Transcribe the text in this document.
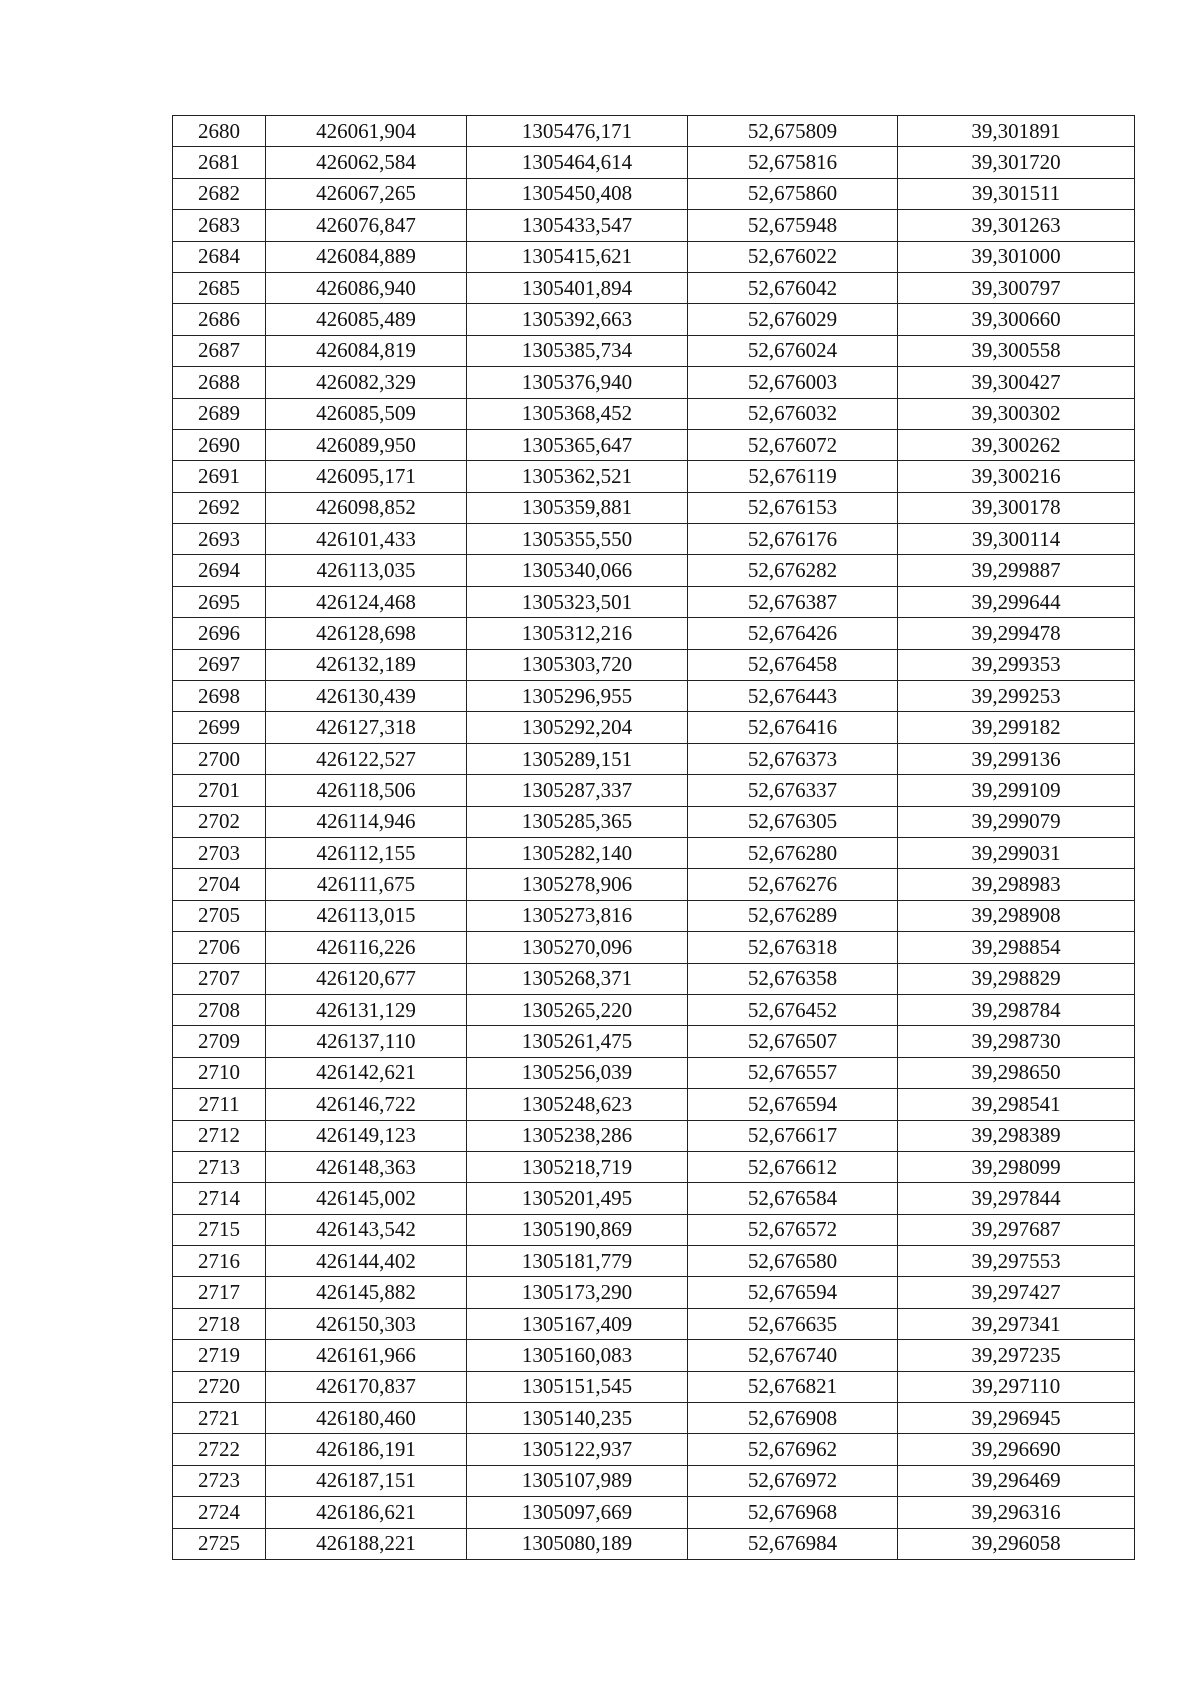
2680	426061,904	1305476,171	52,675809	39,301891
2681	426062,584	1305464,614	52,675816	39,301720
2682	426067,265	1305450,408	52,675860	39,301511
2683	426076,847	1305433,547	52,675948	39,301263
2684	426084,889	1305415,621	52,676022	39,301000
2685	426086,940	1305401,894	52,676042	39,300797
2686	426085,489	1305392,663	52,676029	39,300660
2687	426084,819	1305385,734	52,676024	39,300558
2688	426082,329	1305376,940	52,676003	39,300427
2689	426085,509	1305368,452	52,676032	39,300302
2690	426089,950	1305365,647	52,676072	39,300262
2691	426095,171	1305362,521	52,676119	39,300216
2692	426098,852	1305359,881	52,676153	39,300178
2693	426101,433	1305355,550	52,676176	39,300114
2694	426113,035	1305340,066	52,676282	39,299887
2695	426124,468	1305323,501	52,676387	39,299644
2696	426128,698	1305312,216	52,676426	39,299478
2697	426132,189	1305303,720	52,676458	39,299353
2698	426130,439	1305296,955	52,676443	39,299253
2699	426127,318	1305292,204	52,676416	39,299182
2700	426122,527	1305289,151	52,676373	39,299136
2701	426118,506	1305287,337	52,676337	39,299109
2702	426114,946	1305285,365	52,676305	39,299079
2703	426112,155	1305282,140	52,676280	39,299031
2704	426111,675	1305278,906	52,676276	39,298983
2705	426113,015	1305273,816	52,676289	39,298908
2706	426116,226	1305270,096	52,676318	39,298854
2707	426120,677	1305268,371	52,676358	39,298829
2708	426131,129	1305265,220	52,676452	39,298784
2709	426137,110	1305261,475	52,676507	39,298730
2710	426142,621	1305256,039	52,676557	39,298650
2711	426146,722	1305248,623	52,676594	39,298541
2712	426149,123	1305238,286	52,676617	39,298389
2713	426148,363	1305218,719	52,676612	39,298099
2714	426145,002	1305201,495	52,676584	39,297844
2715	426143,542	1305190,869	52,676572	39,297687
2716	426144,402	1305181,779	52,676580	39,297553
2717	426145,882	1305173,290	52,676594	39,297427
2718	426150,303	1305167,409	52,676635	39,297341
2719	426161,966	1305160,083	52,676740	39,297235
2720	426170,837	1305151,545	52,676821	39,297110
2721	426180,460	1305140,235	52,676908	39,296945
2722	426186,191	1305122,937	52,676962	39,296690
2723	426187,151	1305107,989	52,676972	39,296469
2724	426186,621	1305097,669	52,676968	39,296316
2725	426188,221	1305080,189	52,676984	39,296058
